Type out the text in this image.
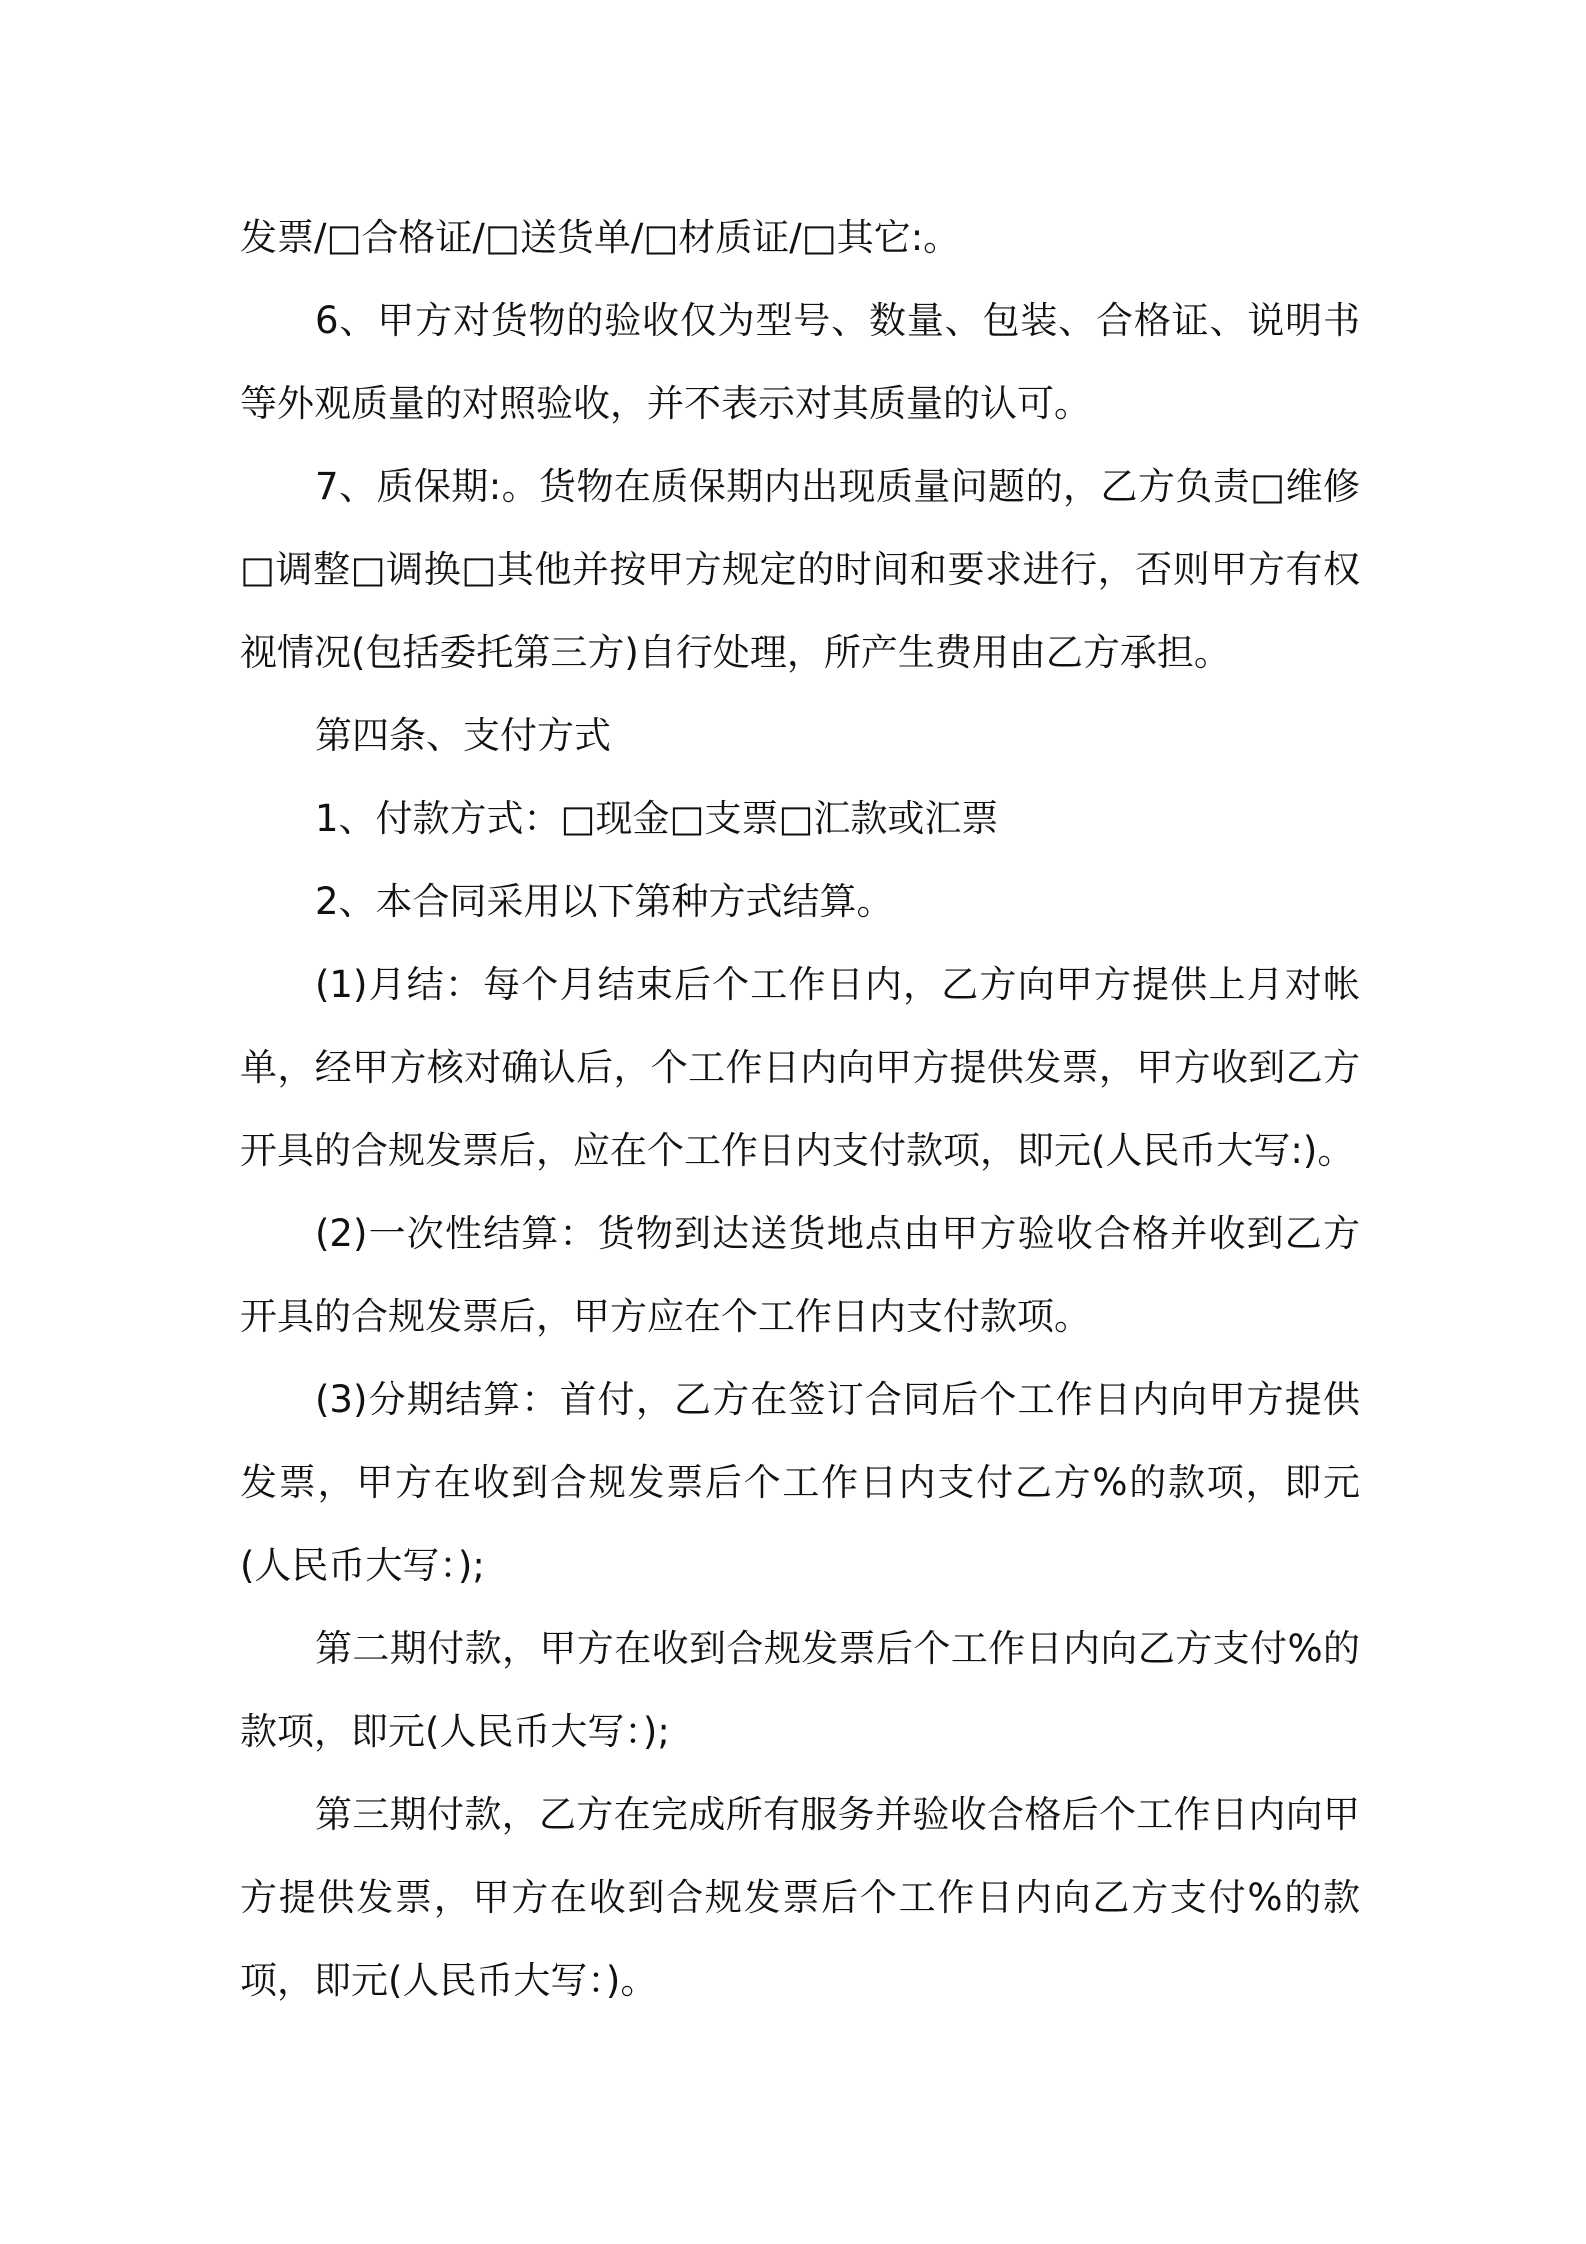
发票/□合格证/□送货单/□材质证/□其它:。

6、甲方对货物的验收仅为型号、数量、包装、合格证、说明书等外观质量的对照验收，并不表示对其质量的认可。

7、质保期:。货物在质保期内出现质量问题的，乙方负责□维修□调整□调换□其他并按甲方规定的时间和要求进行，否则甲方有权视情况(包括委托第三方)自行处理，所产生费用由乙方承担。

第四条、支付方式

1、付款方式：□现金□支票□汇款或汇票

2、本合同采用以下第种方式结算。

(1)月结：每个月结束后个工作日内，乙方向甲方提供上月对帐单，经甲方核对确认后，个工作日内向甲方提供发票，甲方收到乙方开具的合规发票后，应在个工作日内支付款项，即元(人民币大写:)。

(2)一次性结算：货物到达送货地点由甲方验收合格并收到乙方开具的合规发票后，甲方应在个工作日内支付款项。

(3)分期结算：首付，乙方在签订合同后个工作日内向甲方提供发票，甲方在收到合规发票后个工作日内支付乙方%的款项，即元(人民币大写：);

第二期付款，甲方在收到合规发票后个工作日内向乙方支付%的款项，即元(人民币大写：);

第三期付款，乙方在完成所有服务并验收合格后个工作日内向甲方提供发票，甲方在收到合规发票后个工作日内向乙方支付%的款项，即元(人民币大写：)。
